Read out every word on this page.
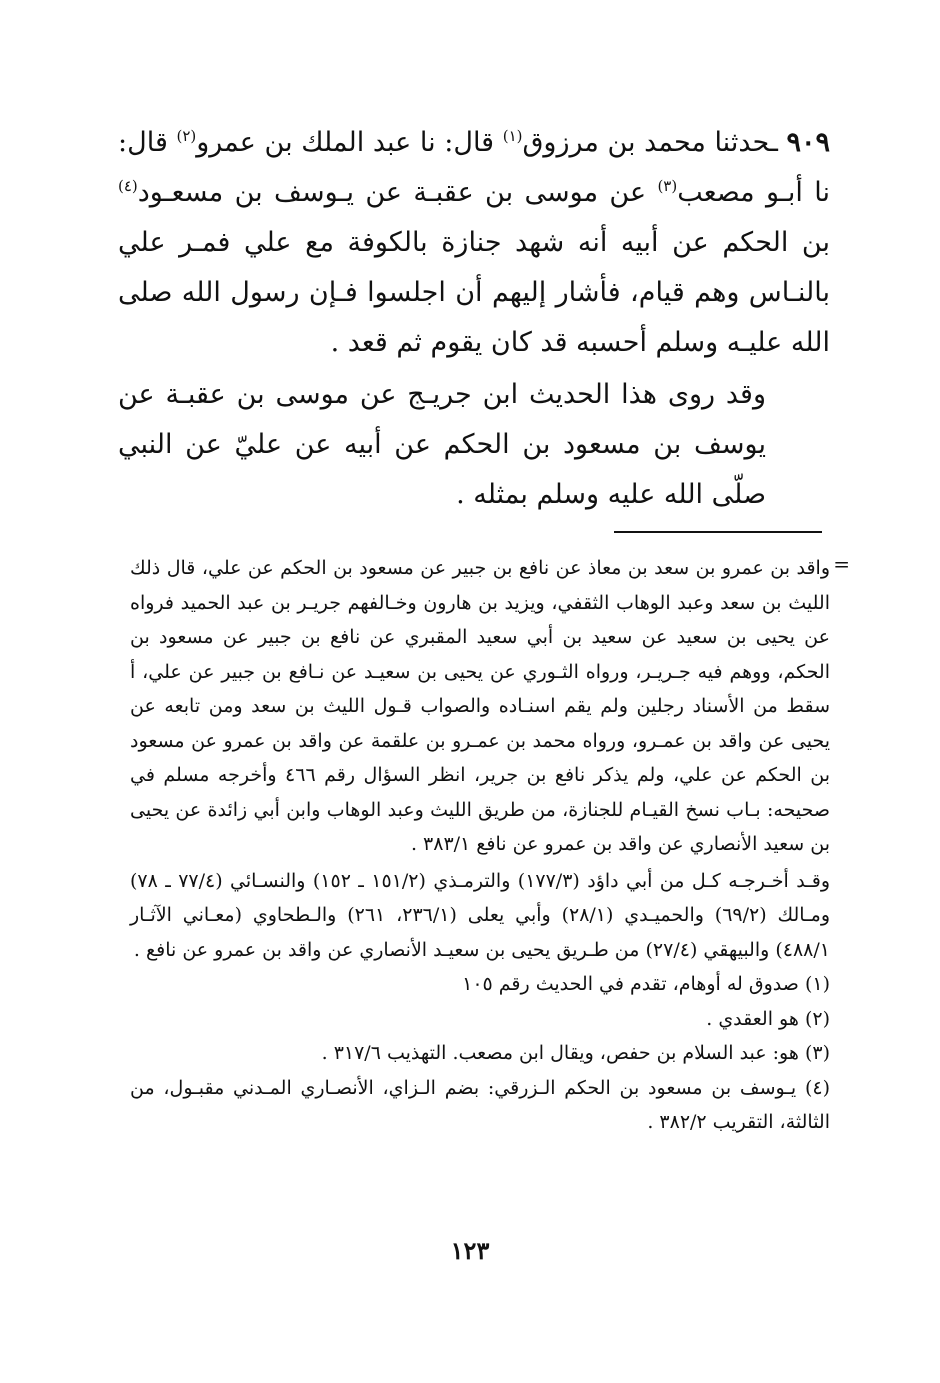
٩٠٩ ـحدثنا محمد بن مرزوق$^{(١)}$ قال: نا عبد الملك بن عمرو$^{(٢)}$ قال: نا أبـو مصعب$^{(٣)}$ عن موسى بن عقبـة عن يـوسف بن مسعـود$^{(٤)}$ بن الحكم عن أبيه أنه شهد جنازة بالكوفة مع علي فمـر علي بالنـاس وهم قيام، فأشار إليهم أن اجلسوا فـإن رسول الله صلى الله عليـه وسلم أحسبه قد كان يقوم ثم قعد .

وقد روى هذا الحديث ابن جريـج عن موسى بن عقبـة عن يوسف بن مسعود بن الحكم عن أبيه عن عليّ عن النبي صلّى الله عليه وسلم بمثله .

=

واقد بن عمرو بن سعد بن معاذ عن نافع بن جبير عن مسعود بن الحكم عن علي، قال ذلك الليث بن سعد وعبد الوهاب الثقفي، ويزيد بن هارون وخـالفهم جريـر بن عبد الحميد فرواه عن يحيى بن سعيد عن سعيد بن أبي سعيد المقبري عن نافع بن جبير عن مسعود بن الحكم، ووهم فيه جـريـر، ورواه الثـوري عن يحيى بن سعيـد عن نـافع بن جبير عن علي، أ سقط من الأسناد رجلين ولم يقم اسنـاده والصواب قـول الليث بن سعد ومن تابعه عن يحيى عن واقد بن عمـرو، ورواه محمد بن عمـرو بن علقمة عن واقد بن عمرو عن مسعود بن الحكم عن علي، ولم يذكر نافع بن جرير، انظر السؤال رقم ٤٦٦ وأخرجه مسلم في صحيحه: بـاب نسخ القيـام للجنازة، من طريق الليث وعبد الوهاب وابن أبي زائدة عن يحيى بن سعيد الأنصاري عن واقد بن عمرو عن نافع ٣٨٣/١ .

وقـد أخـرجـه كـل من أبي داؤد (١٧٧/٣) والترمـذي (١٥١/٢ ـ ١٥٢) والنسـائي (٧٧/٤ ـ ٧٨) ومـالك (٦٩/٢) والحميـدي (٢٨/١) وأبي يعلى (٢٣٦/١، ٢٦١) والـطحاوي (معـاني الآثـار ٤٨٨/١) والبيهقي (٢٧/٤) من طـريق يحيى بن سعيـد الأنصاري عن واقد بن عمرو عن نافع .

(١) صدوق له أوهام، تقدم في الحديث رقم ١٠٥

(٢) هو العقدي .

(٣) هو: عبد السلام بن حفص، ويقال ابن مصعب. التهذيب ٣١٧/٦ .

(٤) يـوسف بن مسعود بن الحكم الـزرقي: بضم الـزاي، الأنصـاري المـدني مقبـول، من الثالثة، التقريب ٣٨٢/٢ .

١٢٣
